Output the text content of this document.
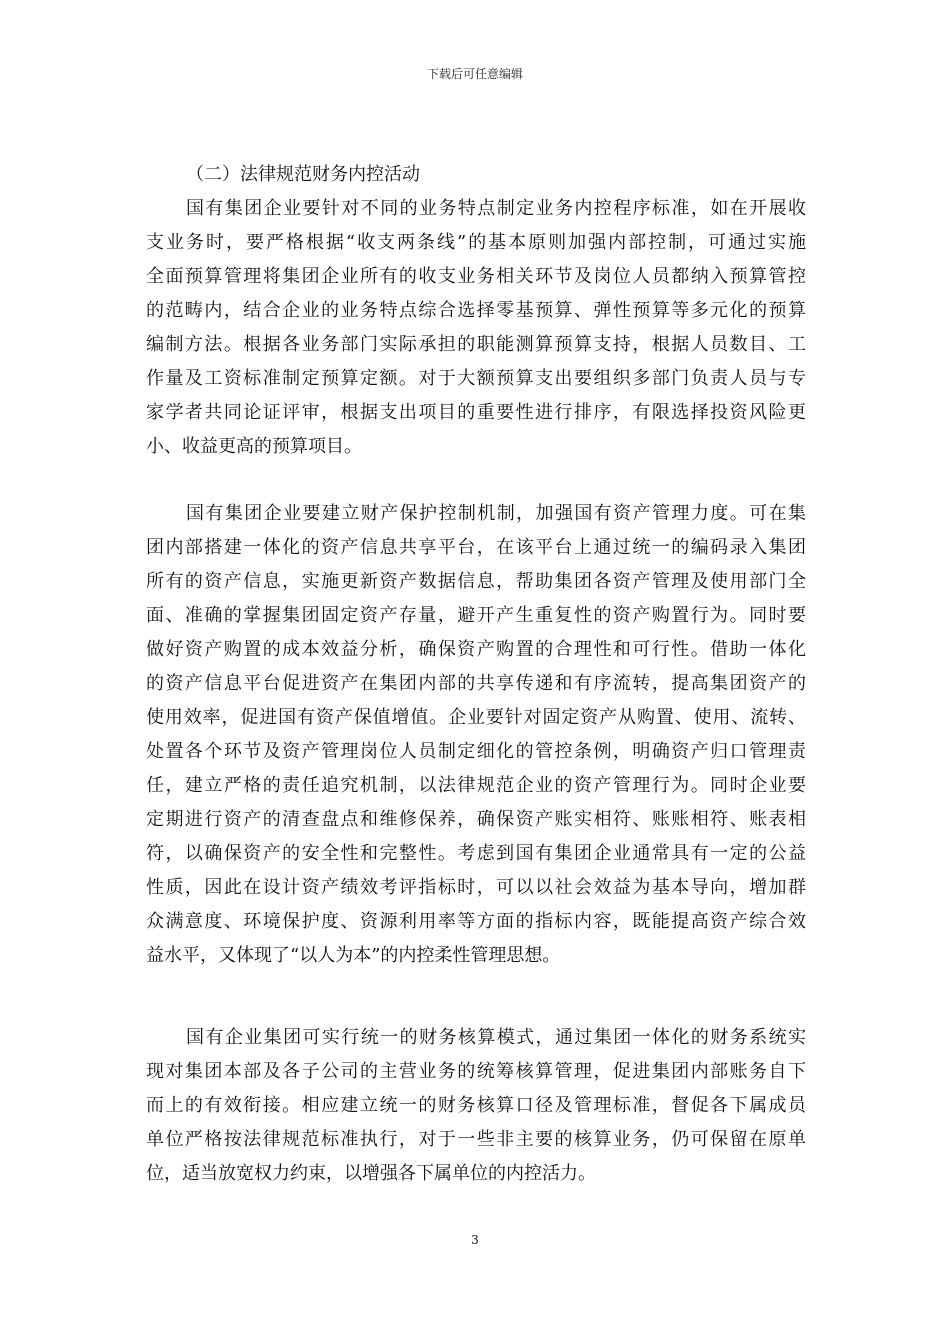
下载后可任意编辑
（二）法律规范财务内控活动
国有集团企业要针对不同的业务特点制定业务内控程序标准，如在开展收
支业务时，要严格根据“收支两条线”的基本原则加强内部控制，可通过实施
全面预算管理将集团企业所有的收支业务相关环节及岗位人员都纳入预算管控
的范畴内，结合企业的业务特点综合选择零基预算、弹性预算等多元化的预算
编制方法。根据各业务部门实际承担的职能测算预算支持，根据人员数目、工
作量及工资标准制定预算定额。对于大额预算支出要组织多部门负责人员与专
家学者共同论证评审，根据支出项目的重要性进行排序，有限选择投资风险更
小、收益更高的预算项目。
国有集团企业要建立财产保护控制机制，加强国有资产管理力度。可在集
团内部搭建一体化的资产信息共享平台，在该平台上通过统一的编码录入集团
所有的资产信息，实施更新资产数据信息，帮助集团各资产管理及使用部门全
面、准确的掌握集团固定资产存量，避开产生重复性的资产购置行为。同时要
做好资产购置的成本效益分析，确保资产购置的合理性和可行性。借助一体化
的资产信息平台促进资产在集团内部的共享传递和有序流转，提高集团资产的
使用效率，促进国有资产保值增值。企业要针对固定资产从购置、使用、流转、
处置各个环节及资产管理岗位人员制定细化的管控条例，明确资产归口管理责
任，建立严格的责任追究机制，以法律规范企业的资产管理行为。同时企业要
定期进行资产的清查盘点和维修保养，确保资产账实相符、账账相符、账表相
符，以确保资产的安全性和完整性。考虑到国有集团企业通常具有一定的公益
性质，因此在设计资产绩效考评指标时，可以以社会效益为基本导向，增加群
众满意度、环境保护度、资源利用率等方面的指标内容，既能提高资产综合效
益水平，又体现了“以人为本”的内控柔性管理思想。
国有企业集团可实行统一的财务核算模式，通过集团一体化的财务系统实
现对集团本部及各子公司的主营业务的统筹核算管理，促进集团内部账务自下
而上的有效衔接。相应建立统一的财务核算口径及管理标准，督促各下属成员
单位严格按法律规范标准执行，对于一些非主要的核算业务，仍可保留在原单
位，适当放宽权力约束，以增强各下属单位的内控活力。
3
